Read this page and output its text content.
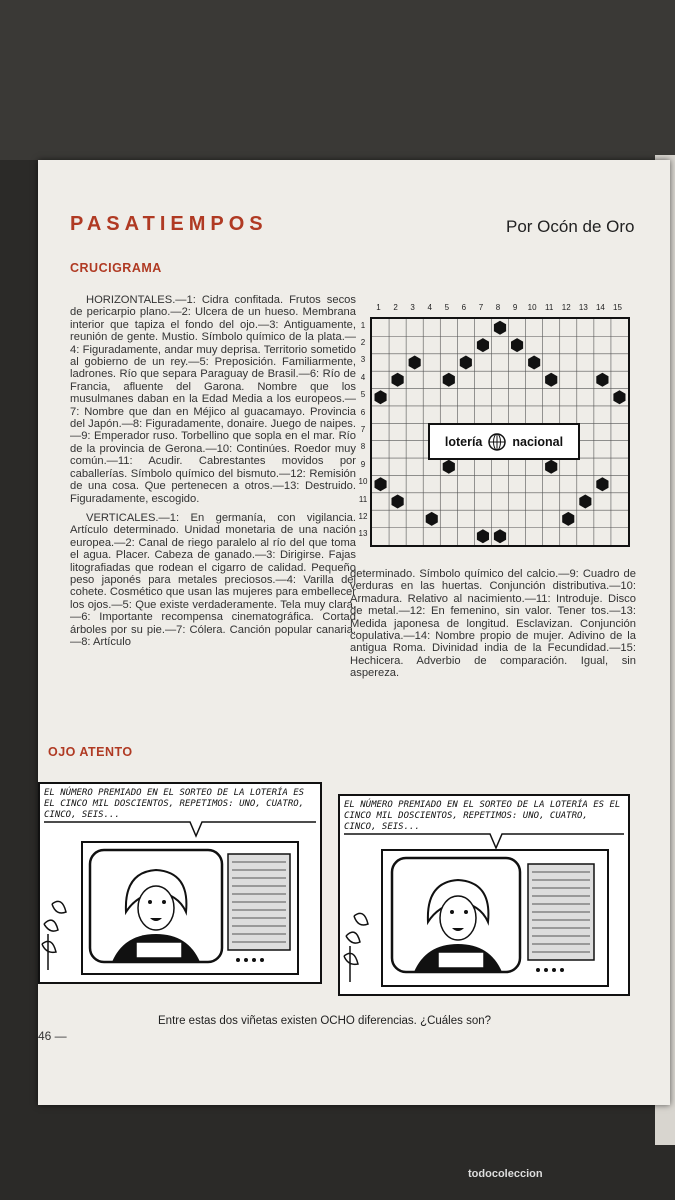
PASATIEMPOS	Por Ocón de Oro
CRUCIGRAMA

HORIZONTALES.—1: Cidra confitada. Frutos secos de pericarpio plano.—2: Ulcera de un hueso. Membrana interior que tapiza el fondo del ojo.—3: Antiguamente, reunión de gente. Mustio. Símbolo químico de la plata.—4: Figuradamente, andar muy deprisa. Territorio sometido al gobierno de un rey.—5: Preposición. Familiarmente, ladrones. Río que separa Paraguay de Brasil.—6: Río de Francia, afluente del Garona. Nombre que los musulmanes daban en la Edad Media a los europeos.—7: Nombre que dan en Méjico al guacamayo. Provincia del Japón.—8: Figuradamente, donaire. Juego de naipes.—9: Emperador ruso. Torbellino que sopla en el mar. Río de la provincia de Gerona.—10: Continúes. Roedor muy común.—11: Acudir. Cabrestantes movidos por caballerías. Símbolo químico del bismuto.—12: Remisión de una cosa. Que pertenecen a otros.—13: Destruido. Figuradamente, escogido.

VERTICALES.—1: En germanía, con vigilancia. Artículo determinado. Unidad monetaria de una nación europea.—2: Canal de riego paralelo al río del que toma el agua. Placer. Cabeza de ganado.—3: Dirigirse. Fajas litografiadas que rodean el cigarro de calidad. Pequeño peso japonés para metales preciosos.—4: Varilla del cohete. Cosmético que usan las mujeres para embellecer los ojos.—5: Que existe verdaderamente. Tela muy clara.—6: Importante recompensa cinematográfica. Cortad árboles por su pie.—7: Cólera. Canción popular canaria.—8: Artículo

1	2	3	4	5	6	7	8	9	10	11	12	13	14	15
1
2
3
4
5
6
7
8
9
10
11
12
13
lotería nacional

determinado. Símbolo químico del calcio.—9: Cuadro de verduras en las huertas. Conjunción distributiva.—10: Armadura. Relativo al nacimiento.—11: Introduje. Disco de metal.—12: En femenino, sin valor. Tener tos.—13: Medida japonesa de longitud. Esclavizan. Conjunción copulativa.—14: Nombre propio de mujer. Adivino de la antigua Roma. Divinidad india de la Fecundidad.—15: Hechicera. Adverbio de comparación. Igual, sin aspereza.

OJO ATENTO
EL NÚMERO PREMIADO EN EL SORTEO DE LA LOTERÍA ES EL CINCO MIL DOSCIENTOS, REPETIMOS: UNO, CUATRO, CINCO, SEIS...
EL NÚMERO PREMIADO EN EL SORTEO DE LA LOTERÍA ES EL CINCO MIL DOSCIENTOS, REPETIMOS: UNO, CUATRO, CINCO, SEIS...
Entre estas dos viñetas existen OCHO diferencias. ¿Cuáles son?
46 —
todocoleccion
